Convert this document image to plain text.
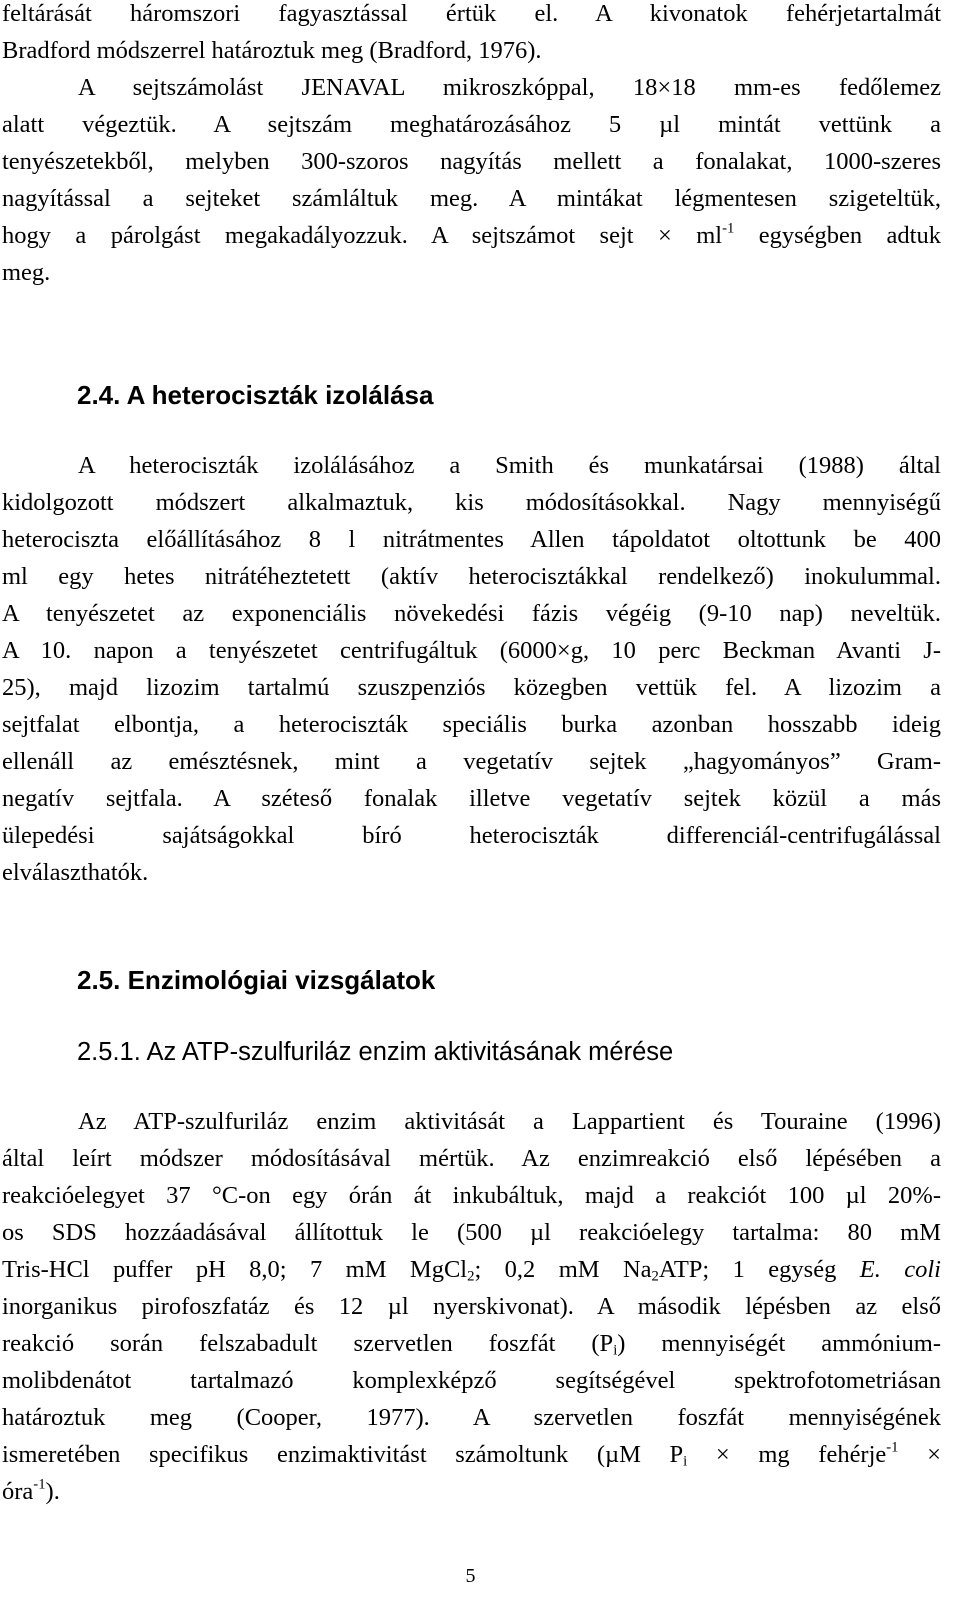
feltárását háromszori fagyasztással értük el. A kivonatok fehérjetartalmát
Bradford módszerrel határoztuk meg (Bradford, 1976).
A sejtszámolást JENAVAL mikroszkóppal, 18×18 mm-es fedőlemez
alatt végeztük. A sejtszám meghatározásához 5 µl mintát vettünk a
tenyészetekből, melyben 300-szoros nagyítás mellett a fonalakat, 1000-szeres
nagyítással a sejteket számláltuk meg. A mintákat légmentesen szigeteltük,
hogy a párolgást megakadályozzuk. A sejtszámot sejt × $ml^{-1}$ egységben adtuk
meg.
2.4. A heterociszták izolálása
A heterociszták izolálásához a Smith és munkatársai (1988) által
kidolgozott módszert alkalmaztuk, kis módosításokkal. Nagy mennyiségű
heterociszta előállításához 8 l nitrátmentes Allen tápoldatot oltottunk be 400
ml egy hetes nitrátéheztetett (aktív heterocisztákkal rendelkező) inokulummal.
A tenyészetet az exponenciális növekedési fázis végéig (9-10 nap) neveltük.
A 10. napon a tenyészetet centrifugáltuk (6000×g, 10 perc Beckman Avanti J-
25), majd lizozim tartalmú szuszpenziós közegben vettük fel. A lizozim a
sejtfalat elbontja, a heterociszták speciális burka azonban hosszabb ideig
ellenáll az emésztésnek, mint a vegetatív sejtek „hagyományos” Gram-
negatív sejtfala. A széteső fonalak illetve vegetatív sejtek közül a más
ülepedési sajátságokkal bíró heterociszták differenciál-centrifugálással
elválaszthatók.
2.5. Enzimológiai vizsgálatok
2.5.1. Az ATP-szulfuriláz enzim aktivitásának mérése
Az ATP-szulfuriláz enzim aktivitását a Lappartient és Touraine (1996)
által leírt módszer módosításával mértük. Az enzimreakció első lépésében a
reakcióelegyet 37 °C-on egy órán át inkubáltuk, majd a reakciót 100 µl 20%-
os SDS hozzáadásával állítottuk le (500 µl reakcióelegy tartalma: 80 mM
Tris-HCl puffer pH 8,0; 7 mM MgCl$_2$; 0,2 mM $Na_2ATP$; 1 egység E. coli
inorganikus pirofoszfatáz és 12 µl nyerskivonat). A második lépésben az első
reakció során felszabadult szervetlen foszfát $(P_i)$ mennyiségét ammónium-
molibdenátot tartalmazó komplexképző segítségével spektrofotometriásan
határoztuk meg (Cooper, 1977). A szervetlen foszfát mennyiségének
ismeretében specifikus enzimaktivitást számoltunk (µM $P_i$ × mg fehérje$^{-1}$ ×
óra$^{-1}$).
5
